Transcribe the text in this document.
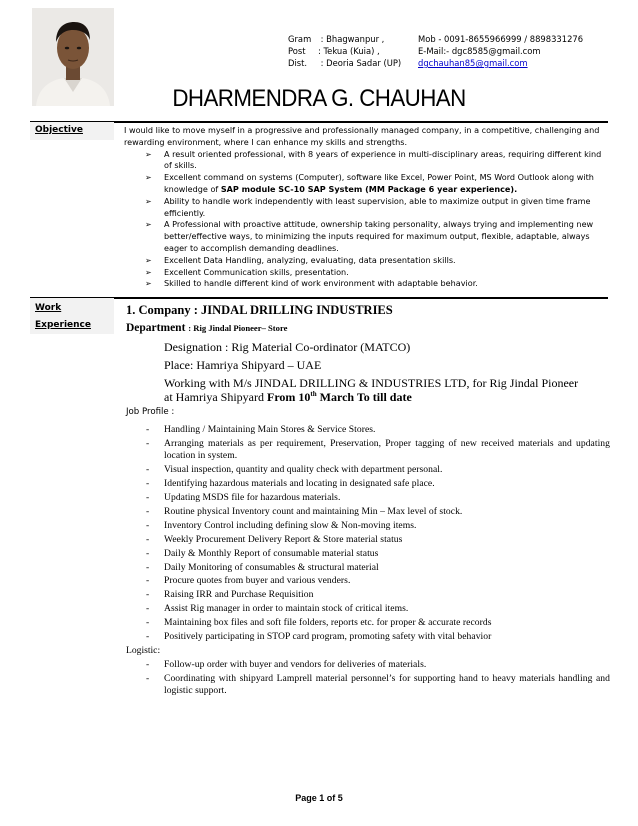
Gram : Bhagwanpur ,
Post : Tekua (Kuia) ,
Dist. : Deoria Sadar (UP)
Mob - 0091-8655966999 / 8898331276
E-Mail:- dgc8585@gmail.com
dgchauhan85@gmail.com
DHARMENDRA G. CHAUHAN
Objective	I would like to move myself in a progressive and professionally managed company, in a competitive, challenging and rewarding environment, where I can enhance my skills and strengths.

➢ A result oriented professional, with 8 years of experience in multi-disciplinary areas, requiring different kind of skills.
➢ Excellent command on systems (Computer), software like Excel, Power Point, MS Word Outlook along with knowledge of SAP module SC-10 SAP System (MM Package 6 year experience).
➢ Ability to handle work independently with least supervision, able to maximize output in given time frame efficiently.
➢ A Professional with proactive attitude, ownership taking personality, always trying and implementing new better/effective ways, to minimizing the inputs required for maximum output, flexible, adaptable, always eager to accomplish demanding deadlines.
➢ Excellent Data Handling, analyzing, evaluating, data presentation skills.
➢ Excellent Communication skills, presentation.
➢ Skilled to handle different kind of work environment with adaptable behavior.
Work
Experience
1. Company : JINDAL DRILLING INDUSTRIES
Department : Rig Jindal Pioneer– Store
Designation : Rig Material Co-ordinator (MATCO)
Place: Hamriya Shipyard – UAE
Working with M/s JINDAL DRILLING & INDUSTRIES LTD, for Rig Jindal Pioneer
at Hamriya Shipyard From 10th March To till date
Job Profile :
- Handling / Maintaining Main Stores & Service Stores.
- Arranging materials as per requirement, Preservation, Proper tagging of new received materials and updating location in system.
- Visual inspection, quantity and quality check with department personal.
- Identifying hazardous materials and locating in designated safe place.
- Updating MSDS file for hazardous materials.
- Routine physical Inventory count and maintaining Min – Max level of stock.
- Inventory Control including defining slow & Non-moving items.
- Weekly Procurement Delivery Report & Store material status
- Daily & Monthly Report of consumable material status
- Daily Monitoring of consumables & structural material
- Procure quotes from buyer and various venders.
- Raising IRR and Purchase Requisition
- Assist Rig manager in order to maintain stock of critical items.
- Maintaining box files and soft file folders, reports etc. for proper & accurate records
- Positively participating in STOP card program, promoting safety with vital behavior
Logistic:
- Follow-up order with buyer and vendors for deliveries of materials.
- Coordinating with shipyard Lamprell material personnel’s for supporting hand to heavy materials handling and logistic support.
Page 1 of 5
